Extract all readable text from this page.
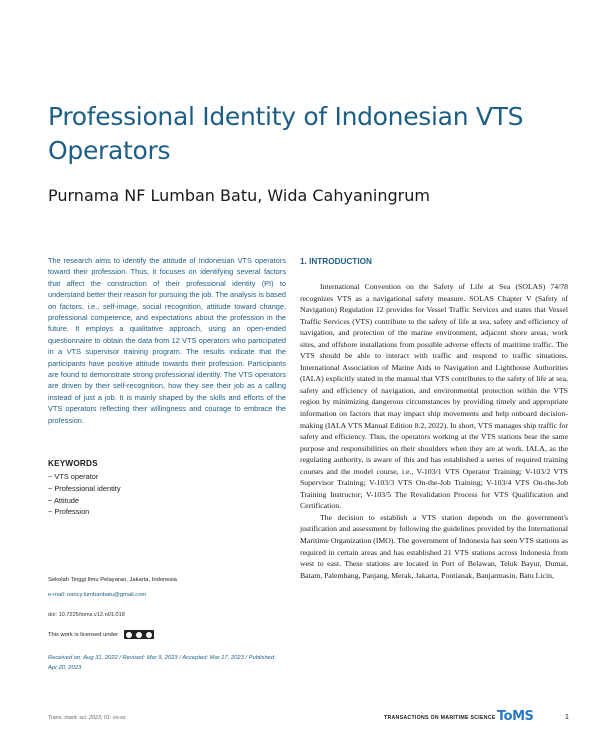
Professional Identity of Indonesian VTS Operators
Purnama NF Lumban Batu, Wida Cahyaningrum

The research aims to identify the attitude of Indonesian VTS operators toward their profession. Thus, it focuses on identifying several factors that affect the construction of their professional identity (PI) to understand better their reason for pursuing the job. The analysis is based on factors, i.e., self-image, social recognition, attitude toward change, professional competence, and expectations about the profession in the future. It employs a qualitative approach, using an open-ended questionnaire to obtain the data from 12 VTS operators who participated in a VTS supervisor training program. The results indicate that the participants have positive attitude towards their profession. Participants are found to demonstrate strong professional identity. The VTS operators are driven by their self-recognition, how they see their job as a calling instead of just a job. It is mainly shaped by the skills and efforts of the VTS operators reflecting their willingness and courage to embrace the profession.

KEYWORDS
~ VTS operator
~ Professional identity
~ Attitude
~ Profession
Sekolah Tinggi Ilmu Pelayaran, Jakarta, Indonesia
e-mail: nancy.lumbanbatu@gmail.com
doi: 10.7225/toms.v12.n01.018
This work is licensed under
Received on: Aug 31, 2022 / Revised: Mar 9, 2023 / Accepted: Mar 17, 2023 / Published: Apr 20, 2023
1. INTRODUCTION

International Convention on the Safety of Life at Sea (SOLAS) 74/78 recognizes VTS as a navigational safety measure. SOLAS Chapter V (Safety of Navigation) Regulation 12 provides for Vessel Traffic Services and states that Vessel Traffic Services (VTS) contribute to the safety of life at sea, safety and efficiency of navigation, and protection of the marine environment, adjacent shore areas, work sites, and offshore installations from possible adverse effects of maritime traffic. The VTS should be able to interact with traffic and respond to traffic situations. International Association of Marine Aids to Navigation and Lighthouse Authorities (IALA) explicitly stated in the manual that VTS contributes to the safety of life at sea, safety and efficiency of navigation, and environmental protection within the VTS region by minimizing dangerous circumstances by providing timely and appropriate information on factors that may impact ship movements and help onboard decision-making (IALA VTS Manual Edition 8.2, 2022). In short, VTS manages ship traffic for safety and efficiency. Thus, the operators working at the VTS stations bear the same purpose and responsibilities on their shoulders when they are at work. IALA, as the regulating authority, is aware of this and has established a series of required training courses and the model course, i.e., V-103/1 VTS Operator Training; V-103/2 VTS Supervisor Training; V-103/3 VTS On-the-Job Training; V-103/4 VTS On-the-Job Training Instructor; V-103/5 The Revalidation Process for VTS Qualification and Certification.

The decision to establish a VTS station depends on the government's justification and assessment by following the guidelines provided by the International Maritime Organization (IMO). The government of Indonesia has seen VTS stations as required in certain areas and has established 21 VTS stations across Indonesia from west to east. These stations are located in Port of Belawan, Teluk Bayur, Dumai, Batam, Palembang, Panjang, Merak, Jakarta, Pontianak, Banjarmasin, Batu Licin,

Trans. marit. sci. 2023; 01: xx-xx	TRANSACTIONS ON MARITIME SCIENCE ToMS	1
